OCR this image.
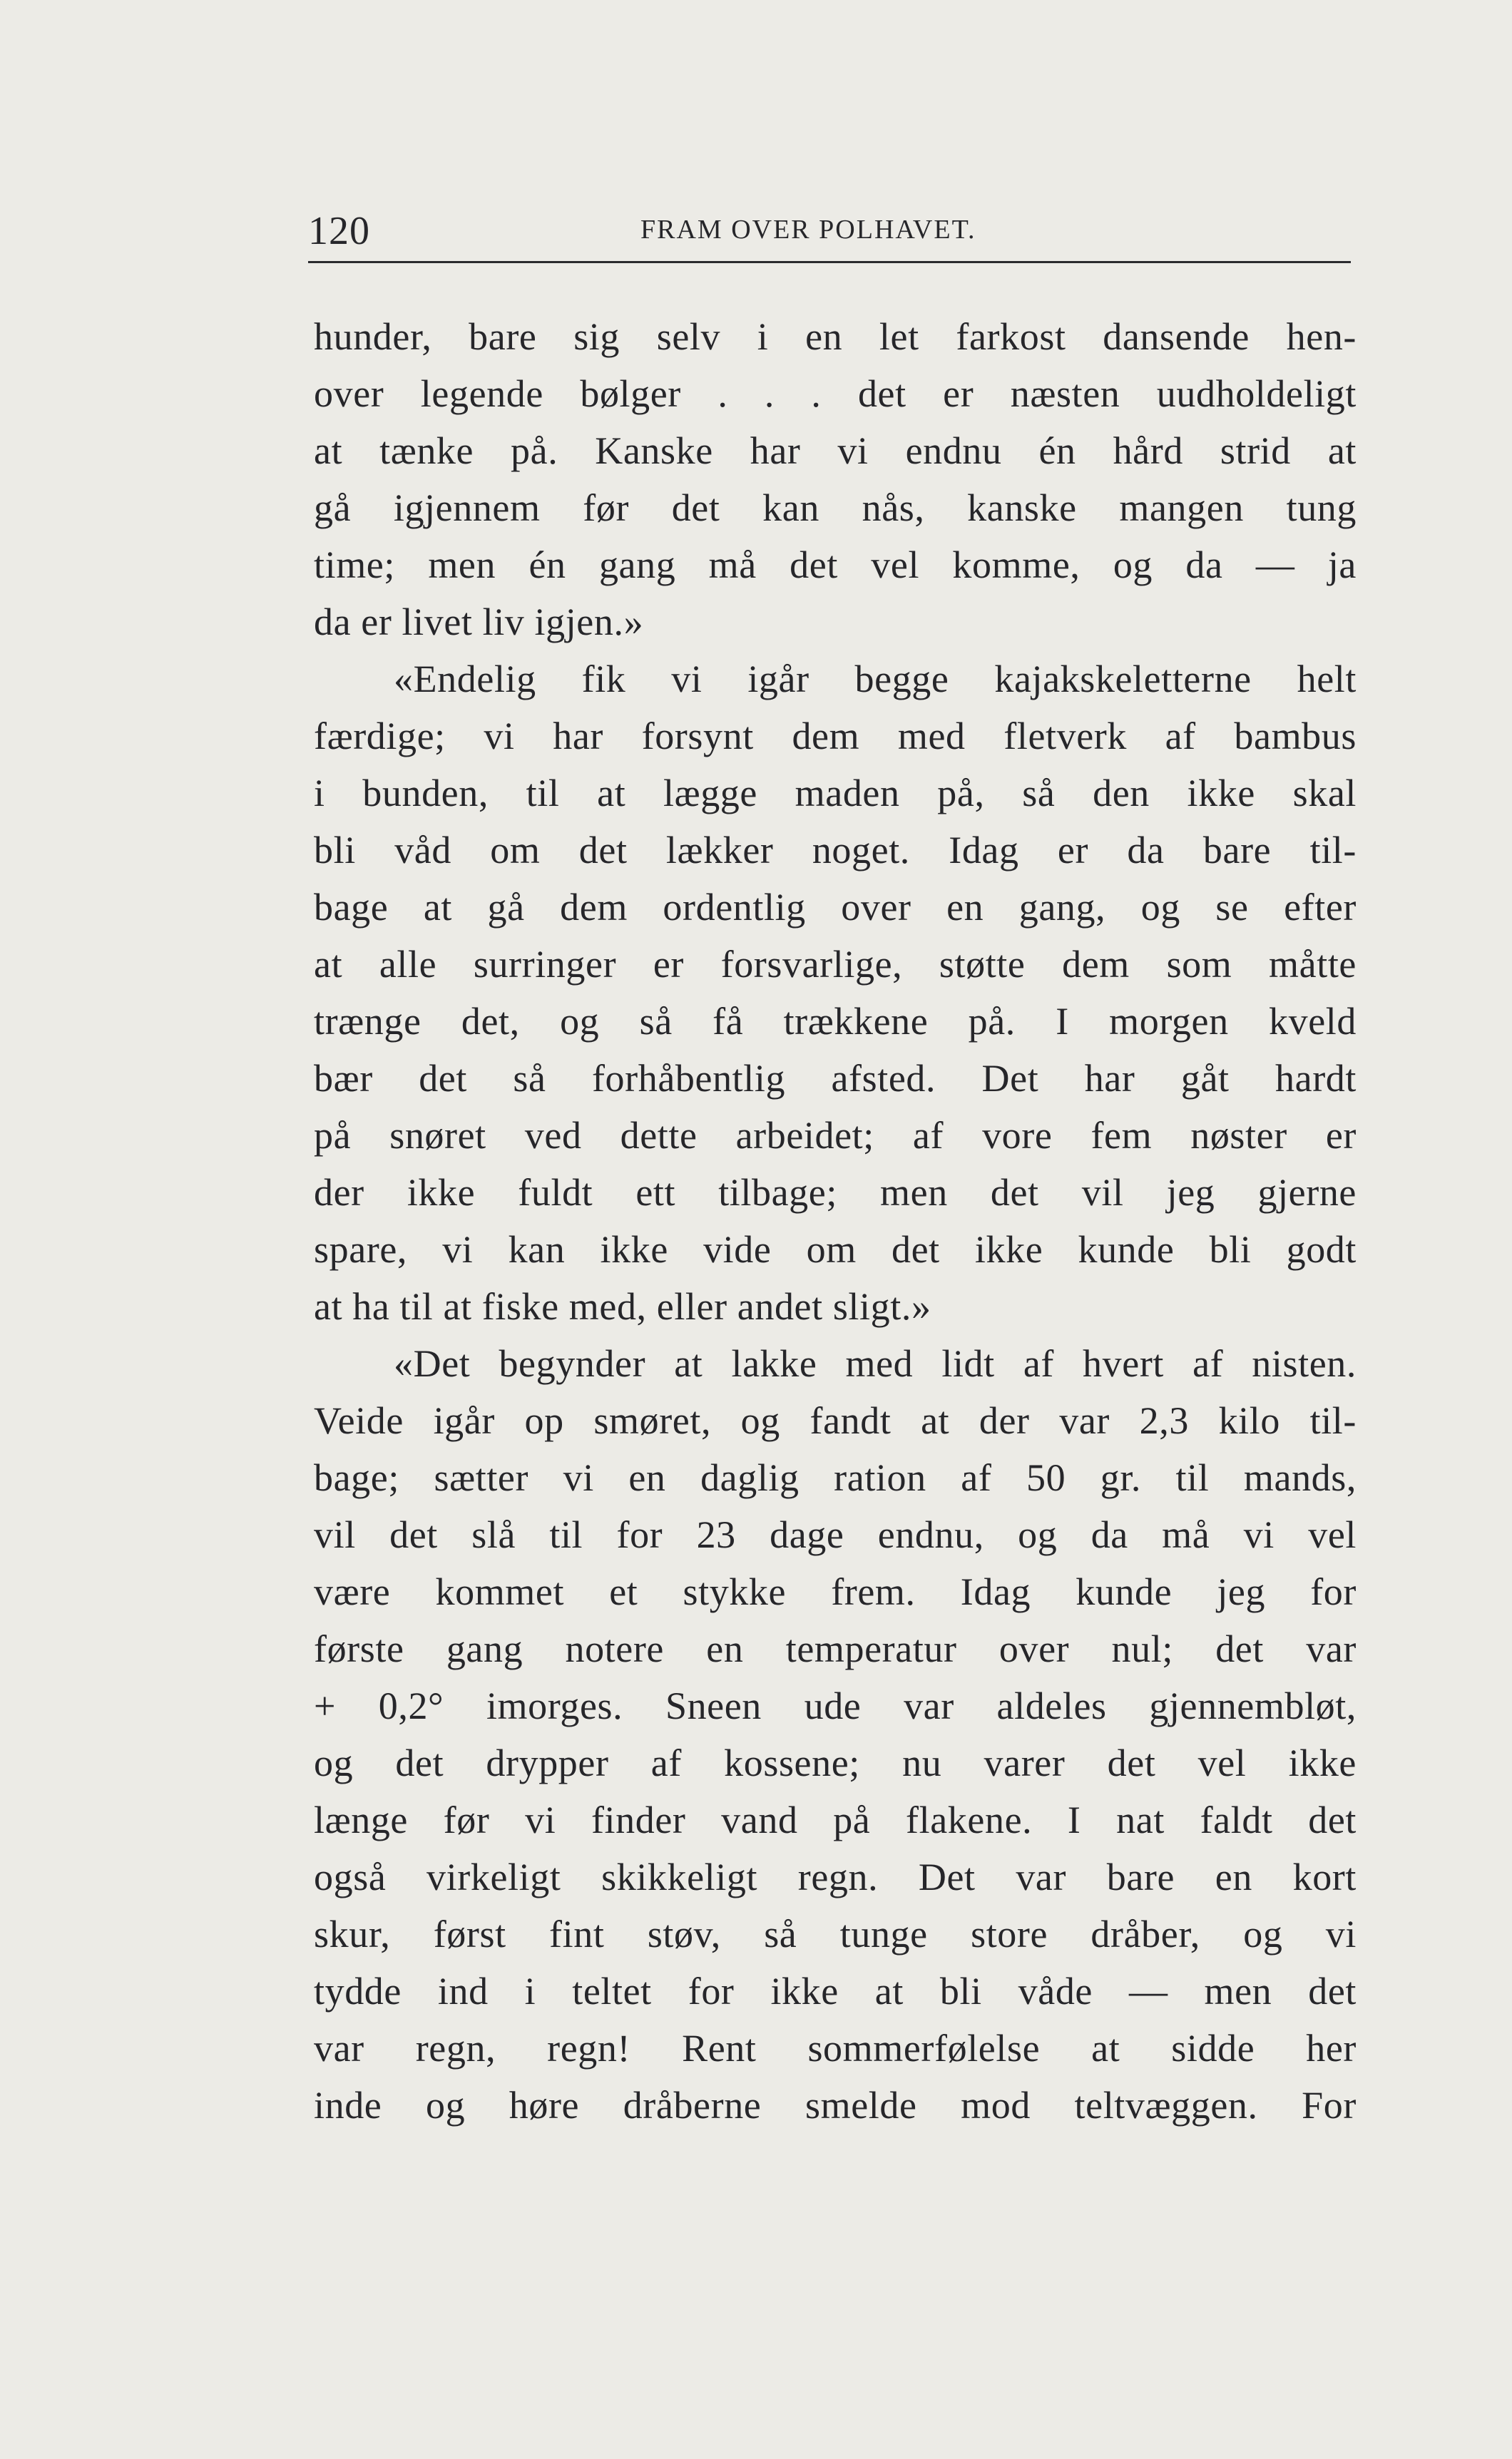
120	FRAM OVER POLHAVET.
hunder, bare sig selv i en let farkost dansende hen-
over legende bølger . . . det er næsten uudholdeligt
at tænke på. Kanske har vi endnu én hård strid at
gå igjennem før det kan nås, kanske mangen tung
time; men én gang må det vel komme, og da — ja
da er livet liv igjen.»
«Endelig fik vi igår begge kajakskeletterne helt
færdige; vi har forsynt dem med fletverk af bambus
i bunden, til at lægge maden på, så den ikke skal
bli våd om det lækker noget. Idag er da bare til-
bage at gå dem ordentlig over en gang, og se efter
at alle surringer er forsvarlige, støtte dem som måtte
trænge det, og så få trækkene på. I morgen kveld
bær det så forhåbentlig afsted. Det har gåt hardt
på snøret ved dette arbeidet; af vore fem nøster er
der ikke fuldt ett tilbage; men det vil jeg gjerne
spare, vi kan ikke vide om det ikke kunde bli godt
at ha til at fiske med, eller andet sligt.»
«Det begynder at lakke med lidt af hvert af nisten.
Veide igår op smøret, og fandt at der var 2,3 kilo til-
bage; sætter vi en daglig ration af 50 gr. til mands,
vil det slå til for 23 dage endnu, og da må vi vel
være kommet et stykke frem. Idag kunde jeg for
første gang notere en temperatur over nul; det var
+ 0,2° imorges. Sneen ude var aldeles gjennembløt,
og det drypper af kossene; nu varer det vel ikke
længe før vi finder vand på flakene. I nat faldt det
også virkeligt skikkeligt regn. Det var bare en kort
skur, først fint støv, så tunge store dråber, og vi
tydde ind i teltet for ikke at bli våde — men det
var regn, regn! Rent sommerfølelse at sidde her
inde og høre dråberne smelde mod teltvæggen. For
